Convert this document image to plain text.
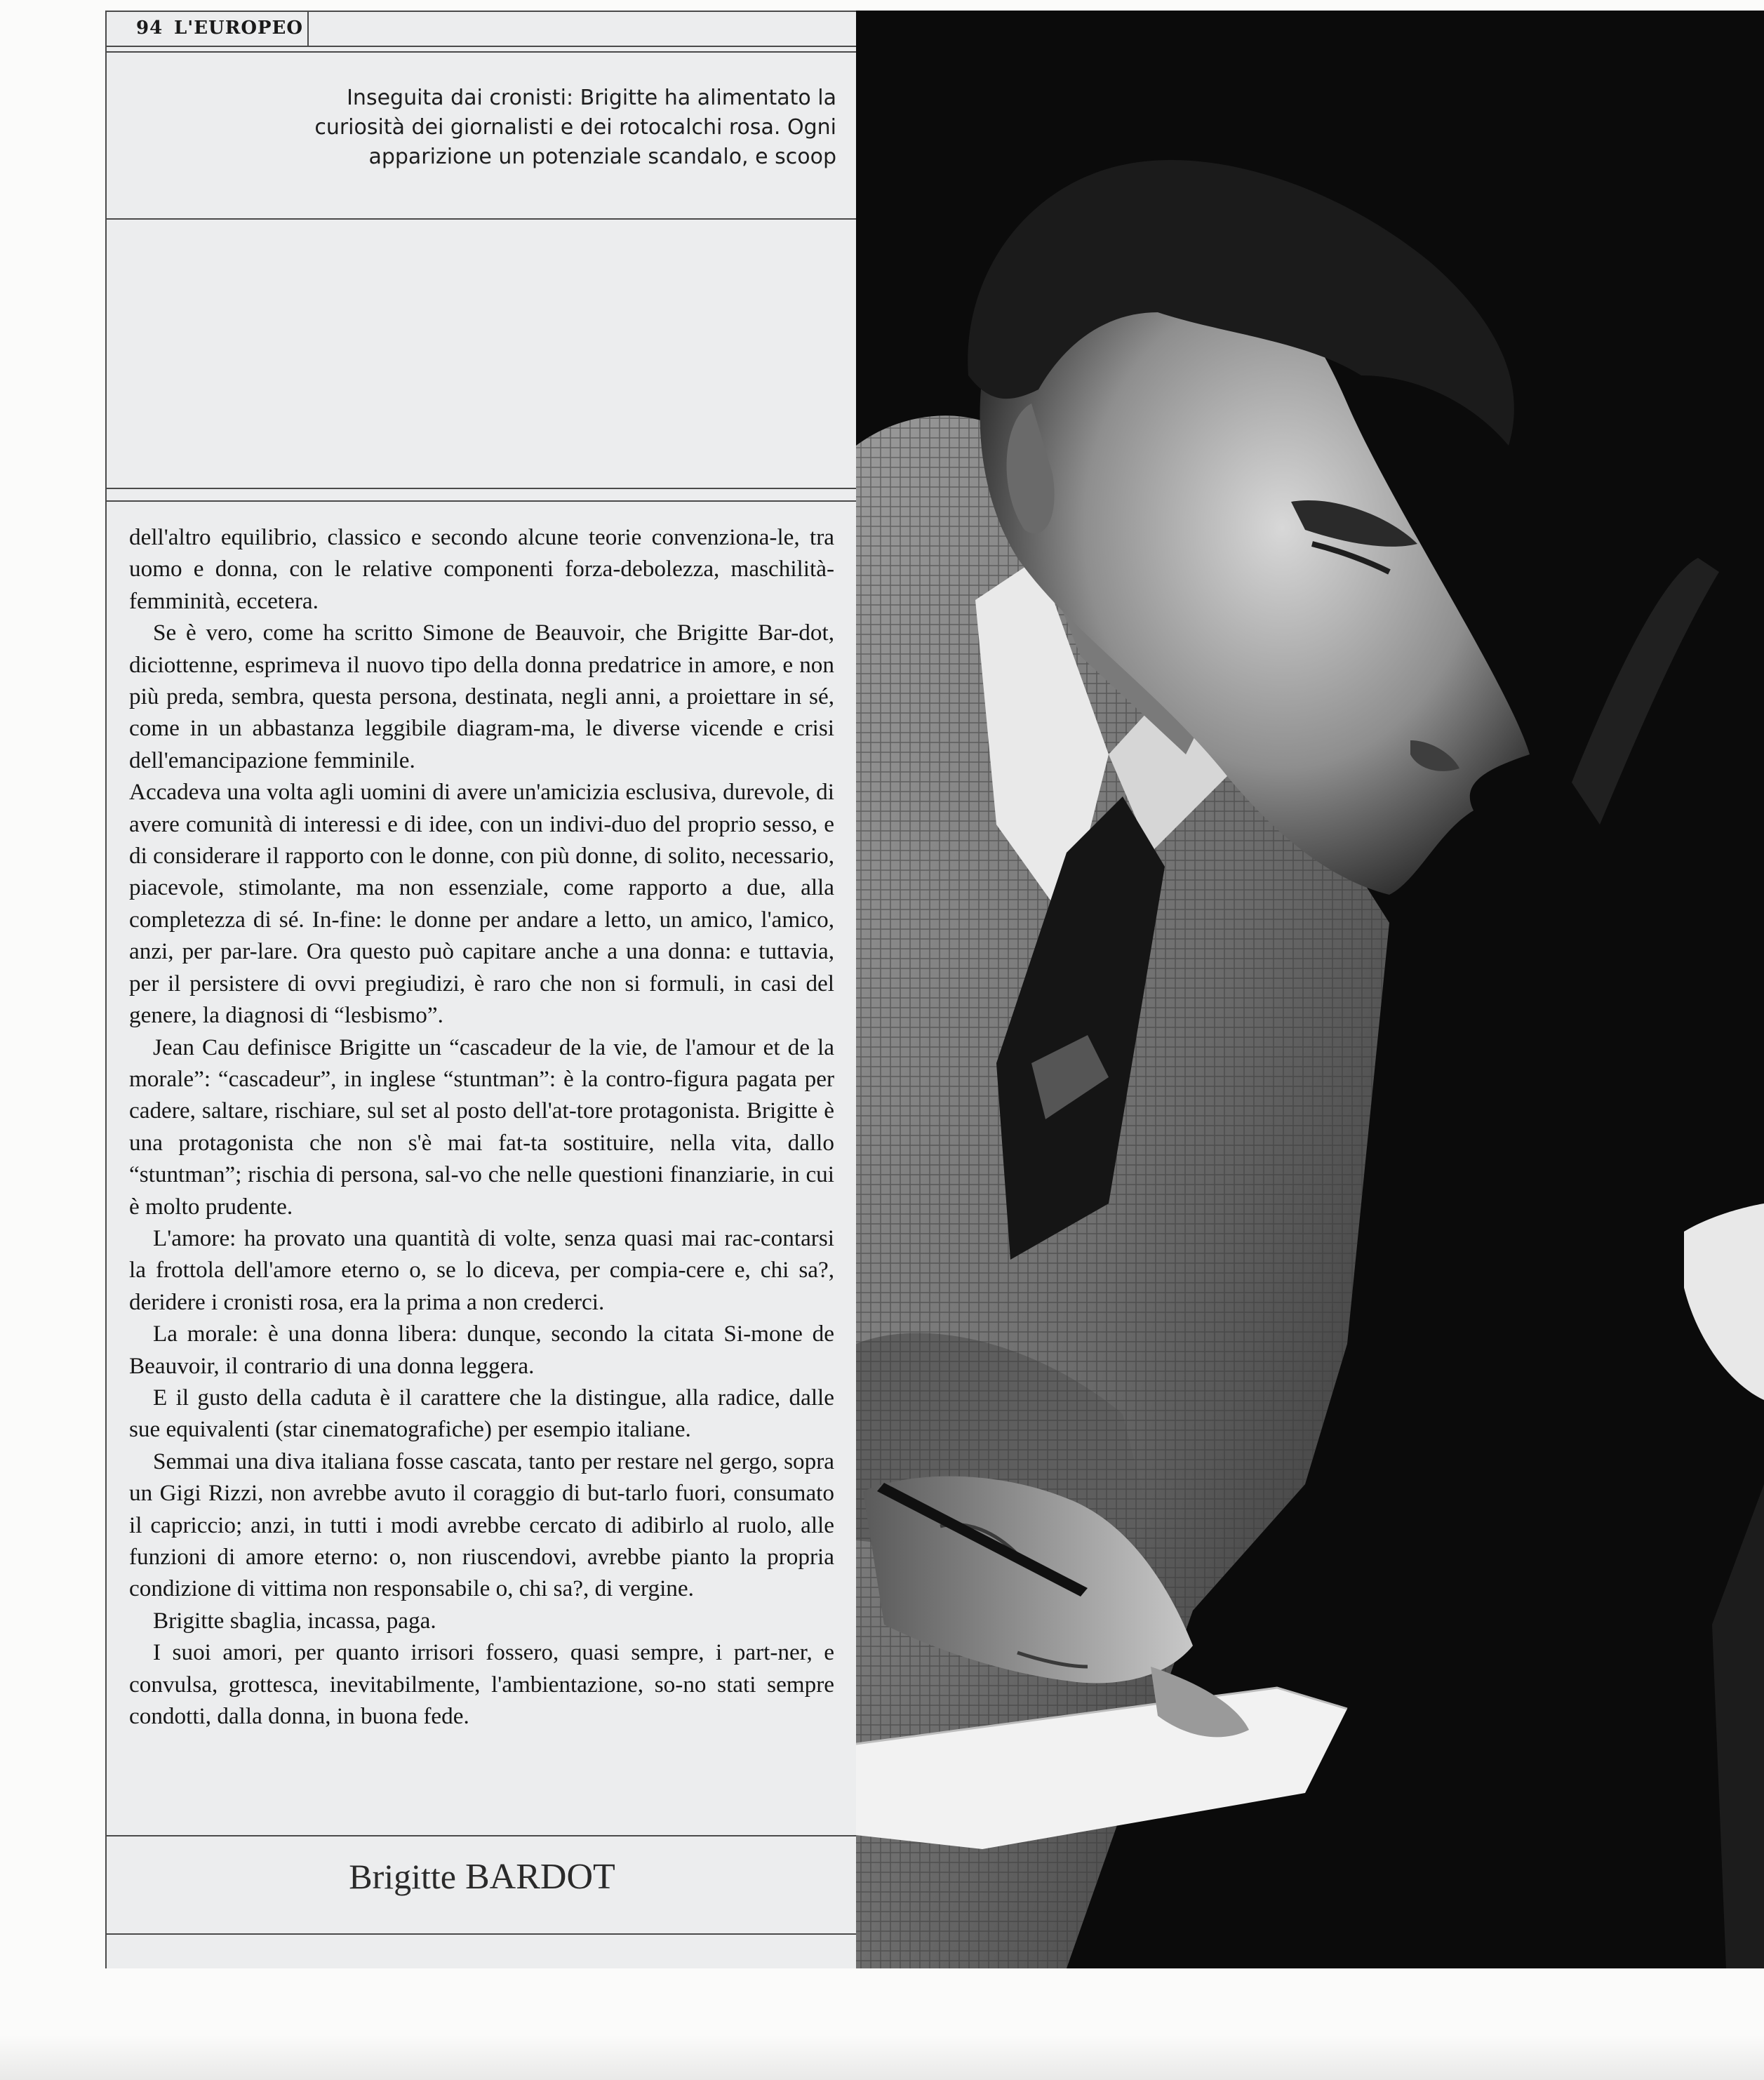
94 L'EUROPEO
Inseguita dai cronisti: Brigitte ha alimentato la curiosità dei giornalisti e dei rotocalchi rosa. Ogni apparizione un potenziale scandalo, e scoop

dell'altro equilibrio, classico e secondo alcune teorie convenziona-le, tra uomo e donna, con le relative componenti forza-debolezza, maschilità-femminità, eccetera.

Se è vero, come ha scritto Simone de Beauvoir, che Brigitte Bar-dot, diciottenne, esprimeva il nuovo tipo della donna predatrice in amore, e non più preda, sembra, questa persona, destinata, negli anni, a proiettare in sé, come in un abbastanza leggibile diagram-ma, le diverse vicende e crisi dell'emancipazione femminile.

Accadeva una volta agli uomini di avere un'amicizia esclusiva, durevole, di avere comunità di interessi e di idee, con un indivi-duo del proprio sesso, e di considerare il rapporto con le donne, con più donne, di solito, necessario, piacevole, stimolante, ma non essenziale, come rapporto a due, alla completezza di sé. In-fine: le donne per andare a letto, un amico, l'amico, anzi, per par-lare. Ora questo può capitare anche a una donna: e tuttavia, per il persistere di ovvi pregiudizi, è raro che non si formuli, in casi del genere, la diagnosi di “lesbismo”.

Jean Cau definisce Brigitte un “cascadeur de la vie, de l'amour et de la morale”: “cascadeur”, in inglese “stuntman”: è la contro-figura pagata per cadere, saltare, rischiare, sul set al posto dell'at-tore protagonista. Brigitte è una protagonista che non s'è mai fat-ta sostituire, nella vita, dallo “stuntman”; rischia di persona, sal-vo che nelle questioni finanziarie, in cui è molto prudente.

L'amore: ha provato una quantità di volte, senza quasi mai rac-contarsi la frottola dell'amore eterno o, se lo diceva, per compia-cere e, chi sa?, deridere i cronisti rosa, era la prima a non crederci.

La morale: è una donna libera: dunque, secondo la citata Si-mone de Beauvoir, il contrario di una donna leggera.

E il gusto della caduta è il carattere che la distingue, alla radice, dalle sue equivalenti (star cinematografiche) per esempio italiane.

Semmai una diva italiana fosse cascata, tanto per restare nel gergo, sopra un Gigi Rizzi, non avrebbe avuto il coraggio di but-tarlo fuori, consumato il capriccio; anzi, in tutti i modi avrebbe cercato di adibirlo al ruolo, alle funzioni di amore eterno: o, non riuscendovi, avrebbe pianto la propria condizione di vittima non responsabile o, chi sa?, di vergine.

Brigitte sbaglia, incassa, paga.

I suoi amori, per quanto irrisori fossero, quasi sempre, i part-ner, e convulsa, grottesca, inevitabilmente, l'ambientazione, so-no stati sempre condotti, dalla donna, in buona fede.

Brigitte BARDOT
